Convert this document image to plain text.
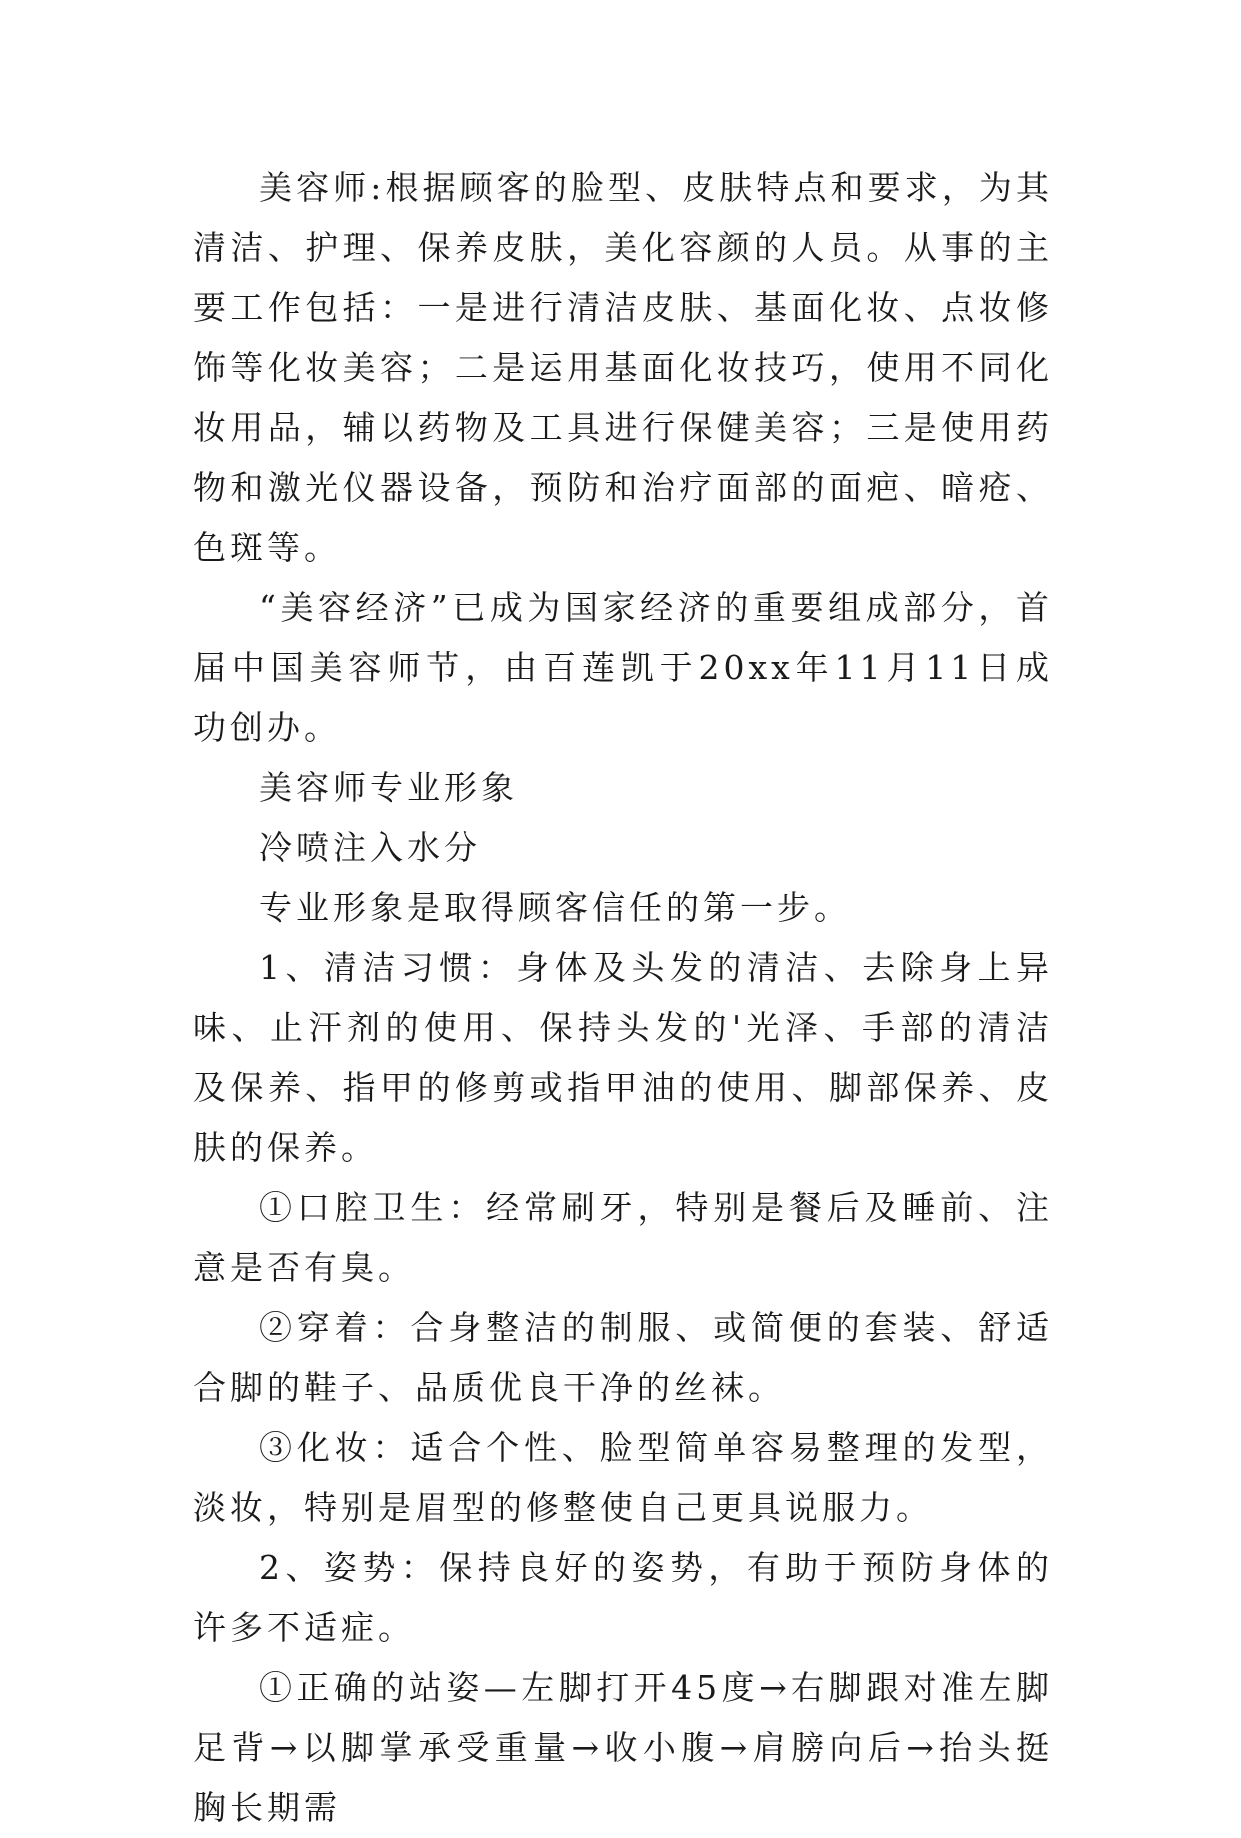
美容师:根据顾客的脸型、皮肤特点和要求，为其清洁、护理、保养皮肤，美化容颜的人员。从事的主要工作包括：一是进行清洁皮肤、基面化妆、点妆修饰等化妆美容；二是运用基面化妆技巧，使用不同化妆用品，辅以药物及工具进行保健美容；三是使用药物和激光仪器设备，预防和治疗面部的面疤、暗疮、色斑等。

“美容经济”已成为国家经济的重要组成部分，首届中国美容师节，由百莲凯于20xx年11月11日成功创办。

美容师专业形象

冷喷注入水分

专业形象是取得顾客信任的第一步。

1、清洁习惯：身体及头发的清洁、去除身上异味、止汗剂的使用、保持头发的'光泽、手部的清洁及保养、指甲的修剪或指甲油的使用、脚部保养、皮肤的保养。

①口腔卫生：经常刷牙，特别是餐后及睡前、注意是否有臭。

②穿着：合身整洁的制服、或简便的套装、舒适合脚的鞋子、品质优良干净的丝袜。

③化妆：适合个性、脸型简单容易整理的发型，淡妆，特别是眉型的修整使自己更具说服力。

2、姿势：保持良好的姿势，有助于预防身体的许多不适症。

①正确的站姿—左脚打开45度→右脚跟对准左脚足背→以脚掌承受重量→收小腹→肩膀向后→抬头挺胸长期需
